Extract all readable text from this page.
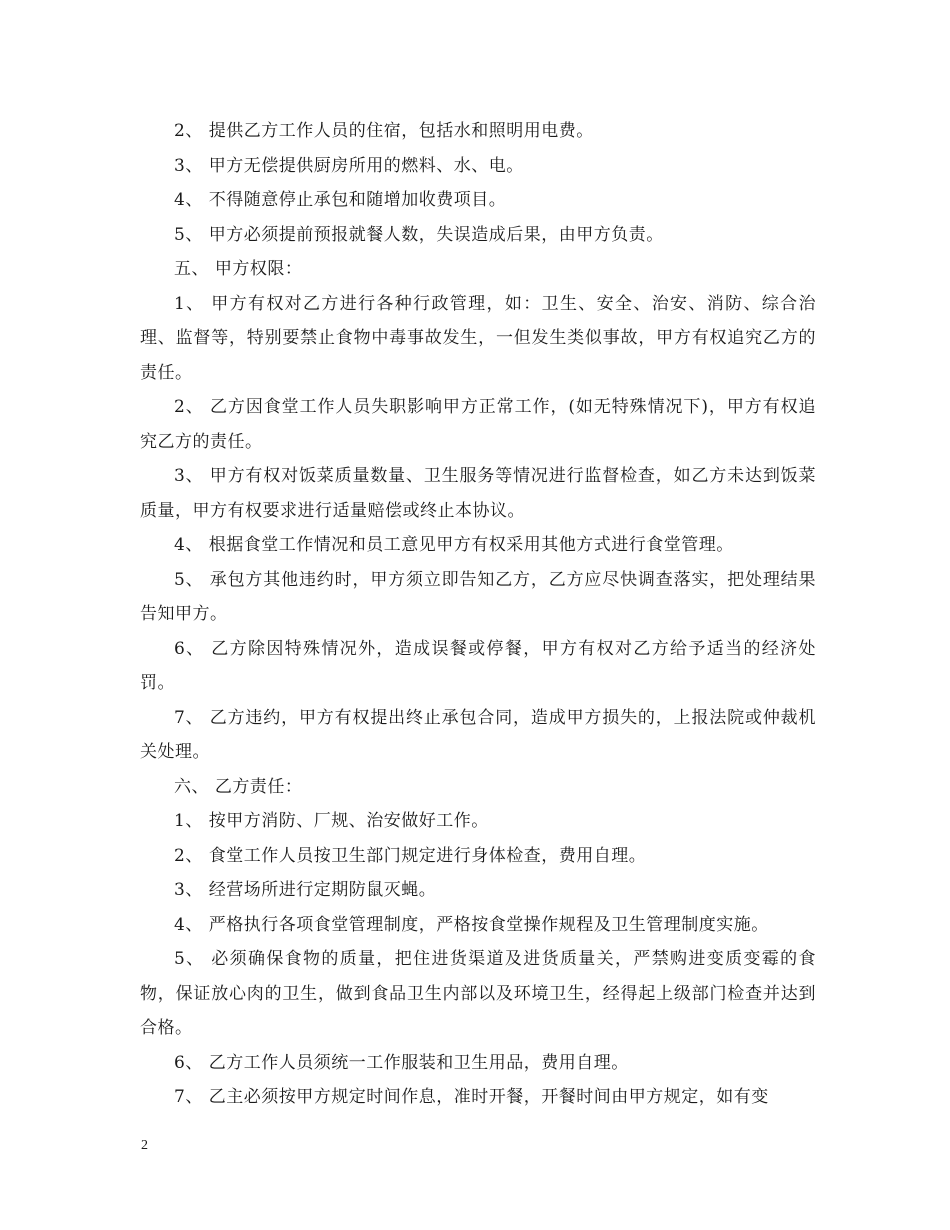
2、 提供乙方工作人员的住宿，包括水和照明用电费。

3、 甲方无偿提供厨房所用的燃料、水、电。

4、 不得随意停止承包和随增加收费项目。

5、 甲方必须提前预报就餐人数，失误造成后果，由甲方负责。

五、 甲方权限：

1、 甲方有权对乙方进行各种行政管理，如：卫生、安全、治安、消防、综合治理、监督等，特别要禁止食物中毒事故发生，一但发生类似事故，甲方有权追究乙方的责任。

2、 乙方因食堂工作人员失职影响甲方正常工作，(如无特殊情况下)，甲方有权追究乙方的责任。

3、 甲方有权对饭菜质量数量、卫生服务等情况进行监督检查，如乙方未达到饭菜质量，甲方有权要求进行适量赔偿或终止本协议。

4、 根据食堂工作情况和员工意见甲方有权采用其他方式进行食堂管理。

5、 承包方其他违约时，甲方须立即告知乙方，乙方应尽快调查落实，把处理结果告知甲方。

6、 乙方除因特殊情况外，造成误餐或停餐，甲方有权对乙方给予适当的经济处罚。

7、 乙方违约，甲方有权提出终止承包合同，造成甲方损失的，上报法院或仲裁机关处理。

六、 乙方责任：

1、 按甲方消防、厂规、治安做好工作。

2、 食堂工作人员按卫生部门规定进行身体检查，费用自理。

3、 经营场所进行定期防鼠灭蝇。

4、 严格执行各项食堂管理制度，严格按食堂操作规程及卫生管理制度实施。

5、 必须确保食物的质量，把住进货渠道及进货质量关，严禁购进变质变霉的食物，保证放心肉的卫生，做到食品卫生内部以及环境卫生，经得起上级部门检查并达到合格。

6、 乙方工作人员须统一工作服装和卫生用品，费用自理。

7、 乙主必须按甲方规定时间作息，准时开餐，开餐时间由甲方规定，如有变

2
